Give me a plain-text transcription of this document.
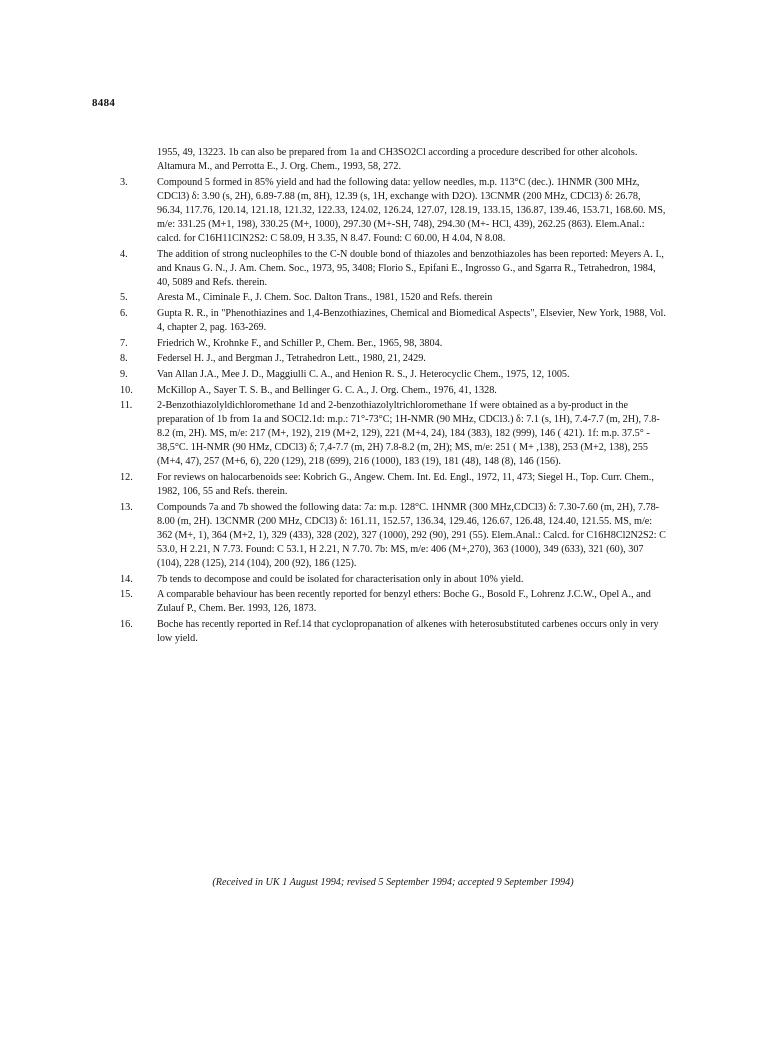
8484
1955, 49, 13223. 1b can also be prepared from 1a and CH3SO2Cl according a procedure described for other alcohols. Altamura M., and Perrotta E., J. Org. Chem., 1993, 58, 272.
3.	Compound 5 formed in 85% yield and had the following data: yellow needles, m.p. 113°C (dec.). 1HNMR (300 MHz, CDCl3) δ: 3.90 (s, 2H), 6.89-7.88 (m, 8H), 12.39 (s, 1H, exchange with D2O). 13CNMR (200 MHz, CDCl3) δ: 26.78, 96.34, 117.76, 120.14, 121.18, 121.32, 122.33, 124.02, 126.24, 127.07, 128.19, 133.15, 136.87, 139.46, 153.71, 168.60. MS, m/e: 331.25 (M+1, 198), 330.25 (M+, 1000), 297.30 (M+-SH, 748), 294.30 (M+- HCl, 439), 262.25 (863). Elem.Anal.: calcd. for C16H11ClN2S2: C 58.09, H 3.35, N 8.47. Found: C 60.00, H 4.04, N 8.08.
4.	The addition of strong nucleophiles to the C-N double bond of thiazoles and benzothiazoles has been reported: Meyers A. I., and Knaus G. N., J. Am. Chem. Soc., 1973, 95, 3408; Florio S., Epifani E., Ingrosso G., and Sgarra R., Tetrahedron, 1984, 40, 5089 and Refs. therein.
5.	Aresta M., Ciminale F., J. Chem. Soc. Dalton Trans., 1981, 1520 and Refs. therein
6.	Gupta R. R., in "Phenothiazines and 1,4-Benzothiazines, Chemical and Biomedical Aspects", Elsevier, New York, 1988, Vol. 4, chapter 2, pag. 163-269.
7.	Friedrich W., Krohnke F., and Schiller P., Chem. Ber., 1965, 98, 3804.
8.	Federsel H. J., and Bergman J., Tetrahedron Lett., 1980, 21, 2429.
9.	Van Allan J.A., Mee J. D., Maggiulli C. A., and Henion R. S., J. Heterocyclic Chem., 1975, 12, 1005.
10. McKillop A., Sayer T. S. B., and Bellinger G. C. A., J. Org. Chem., 1976, 41, 1328.
11. 2-Benzothiazolyldichloromethane 1d and 2-benzothiazolyltrichloromethane 1f were obtained as a by-product in the preparation of 1b from 1a and SOCl2.1d: m.p.: 71°-73°C; 1H-NMR (90 MHz, CDCl3.) δ: 7.1 (s, 1H), 7.4-7.7 (m, 2H), 7.8-8.2 (m, 2H). MS, m/e: 217 (M+, 192), 219 (M+2, 129), 221 (M+4, 24), 184 (383), 182 (999), 146 ( 421). 1f: m.p. 37.5° - 38,5°C. 1H-NMR (90 HMz, CDCl3) δ; 7,4-7.7 (m, 2H) 7.8-8.2 (m, 2H); MS, m/e: 251 ( M+ ,138), 253 (M+2, 138), 255 (M+4, 47), 257 (M+6, 6), 220 (129), 218 (699), 216 (1000), 183 (19), 181 (48), 148 (8), 146 (156).
12. For reviews on halocarbenoids see: Kobrich G., Angew. Chem. Int. Ed. Engl., 1972, 11, 473; Siegel H., Top. Curr. Chem., 1982, 106, 55 and Refs. therein.
13. Compounds 7a and 7b showed the following data: 7a: m.p. 128°C. 1HNMR (300 MHz,CDCl3) δ: 7.30-7.60 (m, 2H), 7.78-8.00 (m, 2H). 13CNMR (200 MHz, CDCl3) δ: 161.11, 152.57, 136.34, 129.46, 126.67, 126.48, 124.40, 121.55. MS, m/e: 362 (M+, 1), 364 (M+2, 1), 329 (433), 328 (202), 327 (1000), 292 (90), 291 (55). Elem.Anal.: Calcd. for C16H8Cl2N2S2: C 53.0, H 2.21, N 7.73. Found: C 53.1, H 2.21, N 7.70. 7b: MS, m/e: 406 (M+,270), 363 (1000), 349 (633), 321 (60), 307 (104), 228 (125), 214 (104), 200 (92), 186 (125).
14. 7b tends to decompose and could be isolated for characterisation only in about 10% yield.
15. A comparable behaviour has been recently reported for benzyl ethers: Boche G., Bosold F., Lohrenz J.C.W., Opel A., and Zulauf P., Chem. Ber. 1993, 126, 1873.
16. Boche has recently reported in Ref.14 that cyclopropanation of alkenes with heterosubstituted carbenes occurs only in very low yield.
(Received in UK 1 August 1994; revised 5 September 1994; accepted 9 September 1994)
